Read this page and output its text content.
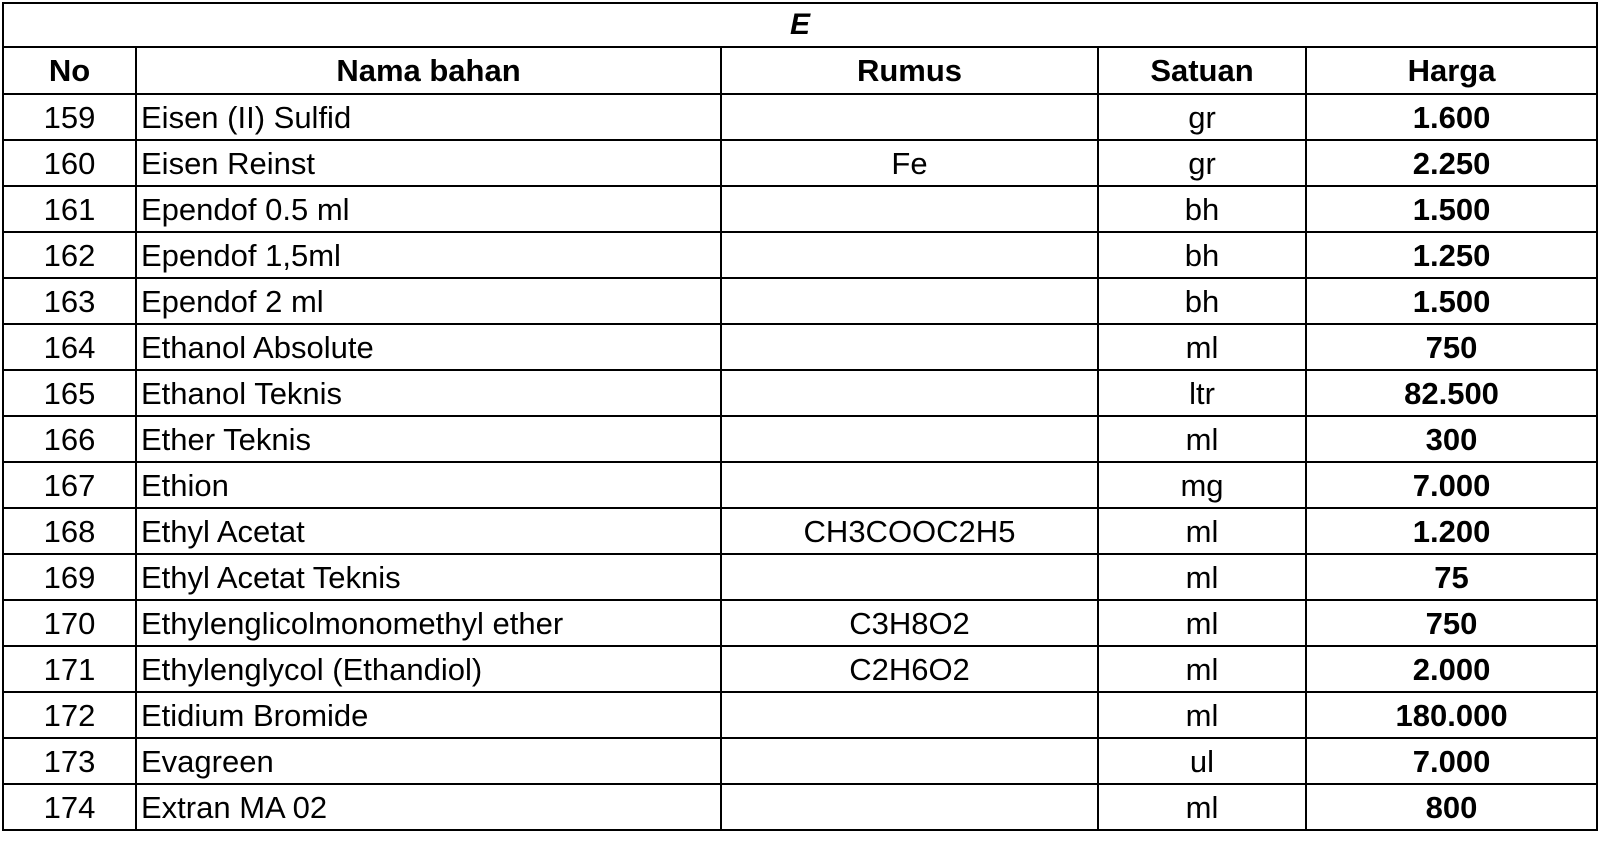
E				
No	Nama bahan	Rumus	Satuan	Harga
159	Eisen (II) Sulfid		gr	1.600
160	Eisen Reinst	Fe	gr	2.250
161	Ependof 0.5 ml		bh	1.500
162	Ependof 1,5ml		bh	1.250
163	Ependof 2 ml		bh	1.500
164	Ethanol Absolute		ml	750
165	Ethanol Teknis		ltr	82.500
166	Ether Teknis		ml	300
167	Ethion		mg	7.000
168	Ethyl Acetat	CH3COOC2H5	ml	1.200
169	Ethyl Acetat Teknis		ml	75
170	Ethylenglicolmonomethyl ether	C3H8O2	ml	750
171	Ethylenglycol (Ethandiol)	C2H6O2	ml	2.000
172	Etidium Bromide		ml	180.000
173	Evagreen		ul	7.000
174	Extran MA 02		ml	800
